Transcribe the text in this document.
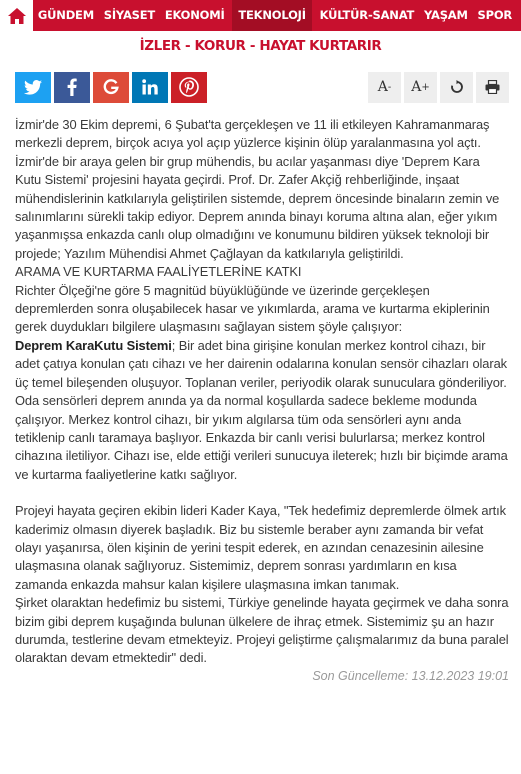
GÜNDEM SİYASET EKONOMİ	TEKNOLOJİ	KÜLTÜR-SANAT YAŞAM SPOR
İZLER - KORUR - HAYAT KURTARIR
A - A +

İzmir'de 30 Ekim depremi, 6 Şubat'ta gerçekleşen ve 11 ili etkileyen Kahramanmaraş merkezli deprem, birçok acıya yol açıp yüzlerce kişinin ölüp yaralanmasına yol açtı. İzmir'de bir araya gelen bir grup mühendis, bu acılar yaşanması diye 'Deprem Kara Kutu Sistemi' projesini hayata geçirdi. Prof. Dr. Zafer Akçiğ rehberliğinde, inşaat mühendislerinin katkılarıyla geliştirilen sistemde, deprem öncesinde binaların zemin ve salınımlarını sürekli takip ediyor. Deprem anında binayı koruma altına alan, eğer yıkım yaşanmışsa enkazda canlı olup olmadığını ve konumunu bildiren yüksek teknoloji bir projede; Yazılım Mühendisi Ahmet Çağlayan da katkılarıyla geliştirildi.

ARAMA VE KURTARMA FAALİYETLERİNE KATKI

Richter Ölçeği'ne göre 5 magnitüd büyüklüğünde ve üzerinde gerçekleşen depremlerden sonra oluşabilecek hasar ve yıkımlarda, arama ve kurtarma ekiplerinin gerek duydukları bilgilere ulaşmasını sağlayan sistem şöyle çalışıyor:

Deprem KaraKutu Sistemi; Bir adet bina girişine konulan merkez kontrol cihazı, bir adet çatıya konulan çatı cihazı ve her dairenin odalarına konulan sensör cihazları olarak üç temel bileşenden oluşuyor. Toplanan veriler, periyodik olarak sunuculara gönderiliyor. Oda sensörleri deprem anında ya da normal koşullarda sadece bekleme modunda çalışıyor. Merkez kontrol cihazı, bir yıkım algılarsa tüm oda sensörleri aynı anda tetiklenip canlı taramaya başlıyor. Enkazda bir canlı verisi bulurlarsa; merkez kontrol cihazına iletiliyor. Cihazı ise, elde ettiği verileri sunucuya ileterek; hızlı bir biçimde arama ve kurtarma faaliyetlerine katkı sağlıyor.

Projeyi hayata geçiren ekibin lideri Kader Kaya, "Tek hedefimiz depremlerde ölmek artık kaderimiz olmasın diyerek başladık. Biz bu sistemle beraber aynı zamanda bir vefat olayı yaşanırsa, ölen kişinin de yerini tespit ederek, en azından cenazesinin ailesine ulaşmasına olanak sağlıyoruz. Sistemimiz, deprem sonrası yardımların en kısa zamanda enkazda mahsur kalan kişilere ulaşmasına imkan tanımak.

Şirket olaraktan hedefimiz bu sistemi, Türkiye genelinde hayata geçirmek ve daha sonra bizim gibi deprem kuşağında bulunan ülkelere de ihraç etmek. Sistemimiz şu an hazır durumda, testlerine devam etmekteyiz. Projeyi geliştirme çalışmalarımız da buna paralel olaraktan devam etmektedir" dedi.

Son Güncelleme: 13.12.2023 19:01
